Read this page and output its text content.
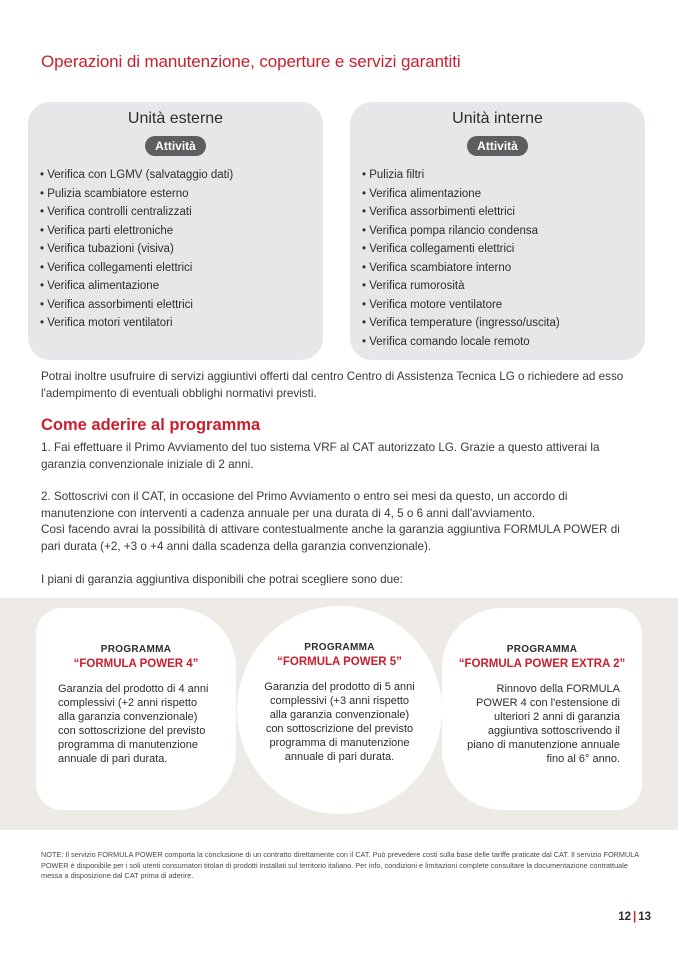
Operazioni di manutenzione, coperture e servizi garantiti
Unità esterne
Attività
• Verifica con LGMV (salvataggio dati)
• Pulizia scambiatore esterno
• Verifica controlli centralizzati
• Verifica parti elettroniche
• Verifica tubazioni (visiva)
• Verifica collegamenti elettrici
• Verifica alimentazione
• Verifica assorbimenti elettrici
• Verifica motori ventilatori
Unità interne
Attività
• Pulizia filtri
• Verifica alimentazione
• Verifica assorbimenti elettrici
• Verifica pompa rilancio condensa
• Verifica collegamenti elettrici
• Verifica scambiatore interno
• Verifica rumorosità
• Verifica motore ventilatore
• Verifica temperature (ingresso/uscita)
• Verifica comando locale remoto

Potrai inoltre usufruire di servizi aggiuntivi offerti dal centro Centro di Assistenza Tecnica LG o richiedere ad esso l'adempimento di eventuali obblighi normativi previsti.

Come aderire al programma

1. Fai effettuare il Primo Avviamento del tuo sistema VRF al CAT autorizzato LG. Grazie a questo attiverai la garanzia convenzionale iniziale di 2 anni.

2. Sottoscrivi con il CAT, in occasione del Primo Avviamento o entro sei mesi da questo, un accordo di manutenzione con interventi a cadenza annuale per una durata di 4, 5 o 6 anni dall'avviamento.

Così facendo avrai la possibilità di attivare contestualmente anche la garanzia aggiuntiva FORMULA POWER di pari durata (+2, +3 o +4 anni dalla scadenza della garanzia convenzionale).

I piani di garanzia aggiuntiva disponibili che potrai scegliere sono due:

PROGRAMMA
“FORMULA POWER 4”
Garanzia del prodotto di 4 anni complessivi (+2 anni rispetto alla garanzia convenzionale) con sottoscrizione del previsto programma di manutenzione annuale di pari durata.
PROGRAMMA
“FORMULA POWER 5”
Garanzia del prodotto di 5 anni complessivi (+3 anni rispetto alla garanzia convenzionale) con sottoscrizione del previsto programma di manutenzione annuale di pari durata.
PROGRAMMA
“FORMULA POWER EXTRA 2”
Rinnovo della FORMULA POWER 4 con l'estensione di ulteriori 2 anni di garanzia aggiuntiva sottoscrivendo il piano di manutenzione annuale fino al 6° anno.

NOTE: Il servizio FORMULA POWER comporta la conclusione di un contratto direttamente con il CAT. Può prevedere costi sulla base delle tariffe praticate dal CAT. Il servizio FORMULA POWER è disponibile per i soli utenti consumatori titolari di prodotti installati sul territorio italiano. Per info, condizioni e limitazioni complete consultare la documentazione contrattuale messa a disposizione dal CAT prima di aderire.

12 | 13
